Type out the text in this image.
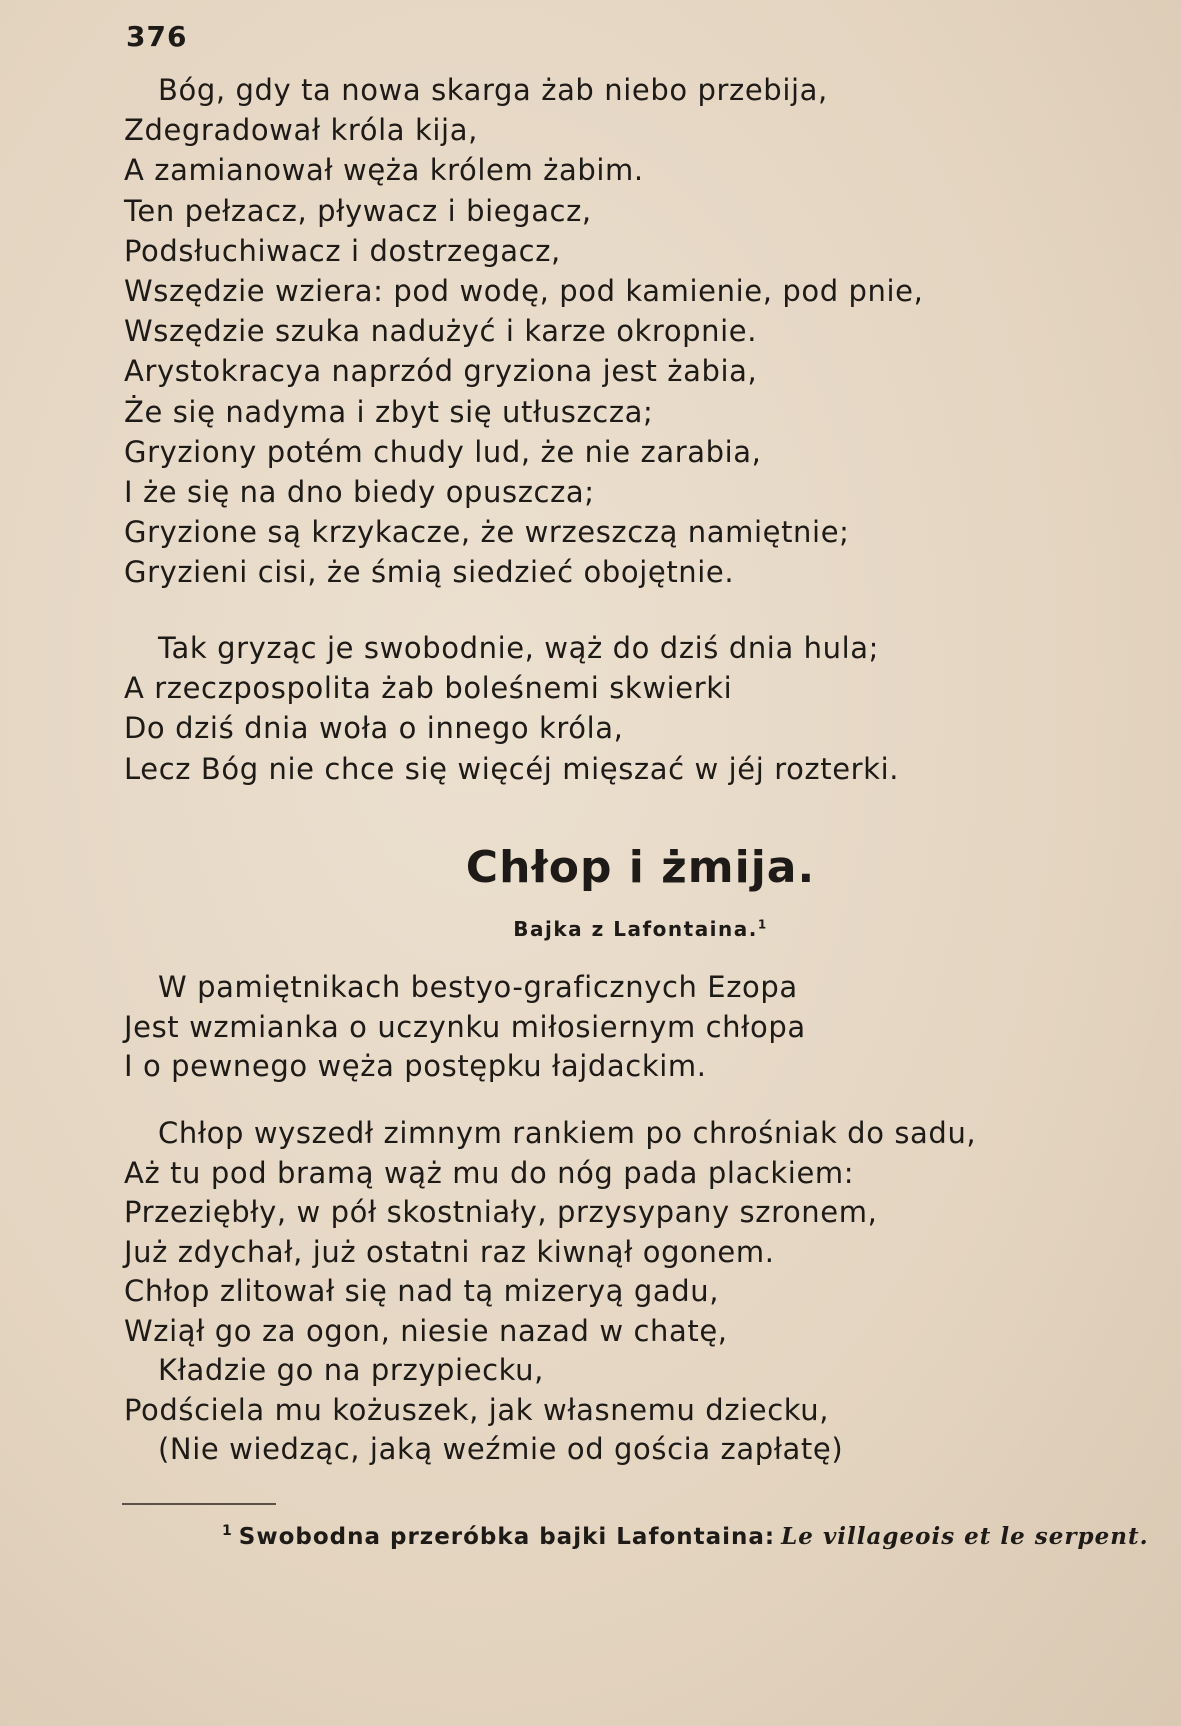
376
Bóg, gdy ta nowa skarga żab niebo przebija,
Zdegradował króla kija,
A zamianował węża królem żabim.
Ten pełzacz, pływacz i biegacz,
Podsłuchiwacz i dostrzegacz,
Wszędzie wziera: pod wodę, pod kamienie, pod pnie,
Wszędzie szuka nadużyć i karze okropnie.
Arystokracya naprzód gryziona jest żabia,
Że się nadyma i zbyt się utłuszcza;
Gryziony potém chudy lud, że nie zarabia,
I że się na dno biedy opuszcza;
Gryzione są krzykacze, że wrzeszczą namiętnie;
Gryzieni cisi, że śmią siedzieć obojętnie.
Tak gryząc je swobodnie, wąż do dziś dnia hula;
A rzeczpospolita żab boleśnemi skwierki
Do dziś dnia woła o innego króla,
Lecz Bóg nie chce się więcéj mięszać w jéj rozterki.
Chłop i żmija.
Bajka z Lafontaina.$^1$
W pamiętnikach bestyo-graficznych Ezopa
Jest wzmianka o uczynku miłosiernym chłopa
I o pewnego węża postępku łajdackim.
Chłop wyszedł zimnym rankiem po chrośniak do sadu,
Aż tu pod bramą wąż mu do nóg pada plackiem:
Przeziębły, w pół skostniały, przysypany szronem,
Już zdychał, już ostatni raz kiwnął ogonem.
Chłop zlitował się nad tą mizeryą gadu,
Wziął go za ogon, niesie nazad w chatę,
Kładzie go na przypiecku,
Podściela mu kożuszek, jak własnemu dziecku,
(Nie wiedząc, jaką weźmie od gościa zapłatę)
$^1$ Swobodna przeróbka bajki Lafontaina: Le villageois et le serpent.
